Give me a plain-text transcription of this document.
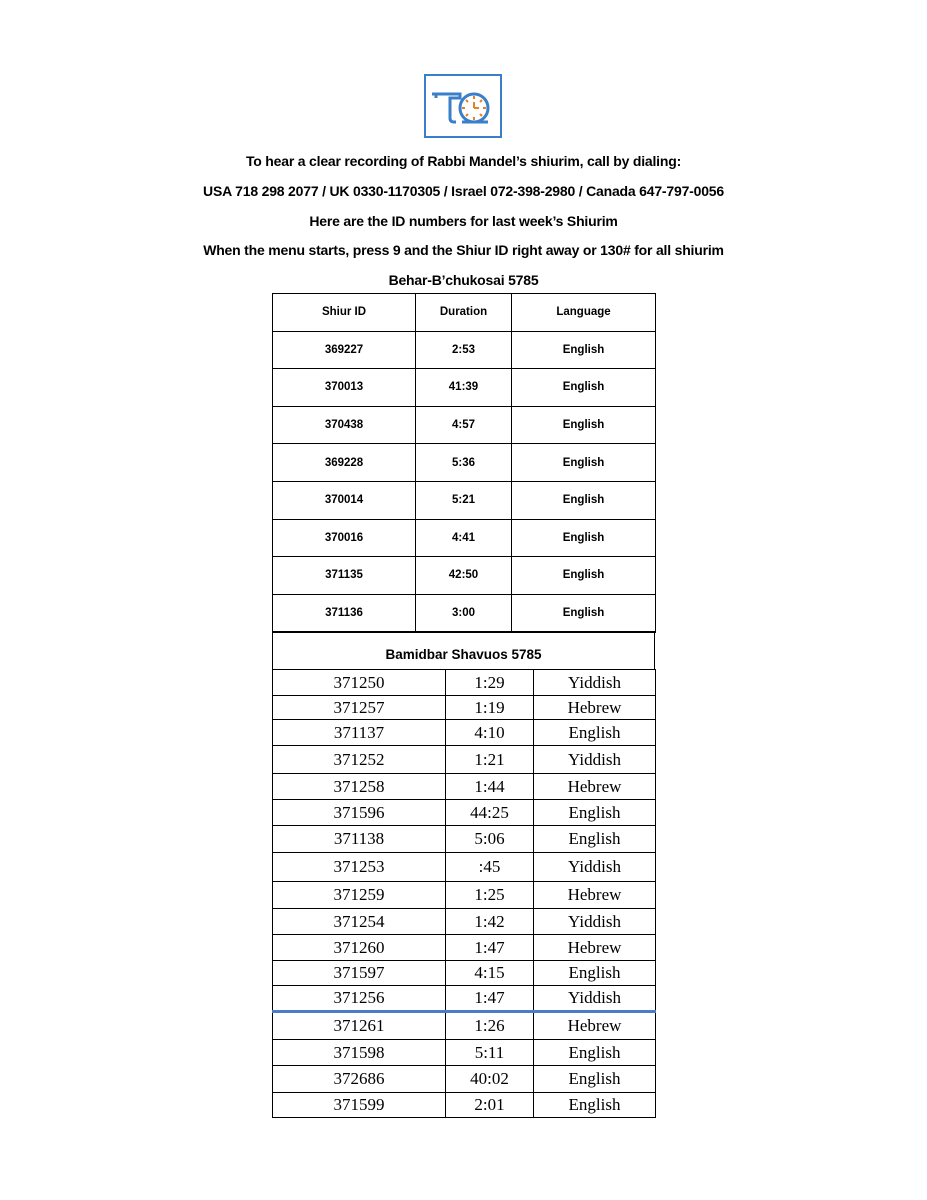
To hear a clear recording of Rabbi Mandel’s shiurim, call by dialing:
USA 718 298 2077 / UK 0330-1170305 / Israel 072-398-2980 / Canada 647-797-0056
Here are the ID numbers for last week’s Shiurim
When the menu starts, press 9 and the Shiur ID right away or 130# for all shiurim
Behar-B’chukosai 5785
Shiur ID	Duration	Language
369227	2:53	English
370013	41:39	English
370438	4:57	English
369228	5:36	English
370014	5:21	English
370016	4:41	English
371135	42:50	English
371136	3:00	English
Bamidbar Shavuos 5785
371250	1:29	Yiddish
371257	1:19	Hebrew
371137	4:10	English
371252	1:21	Yiddish
371258	1:44	Hebrew
371596	44:25	English
371138	5:06	English
371253	:45	Yiddish
371259	1:25	Hebrew
371254	1:42	Yiddish
371260	1:47	Hebrew
371597	4:15	English
371256	1:47	Yiddish
371261	1:26	Hebrew
371598	5:11	English
372686	40:02	English
371599	2:01	English
